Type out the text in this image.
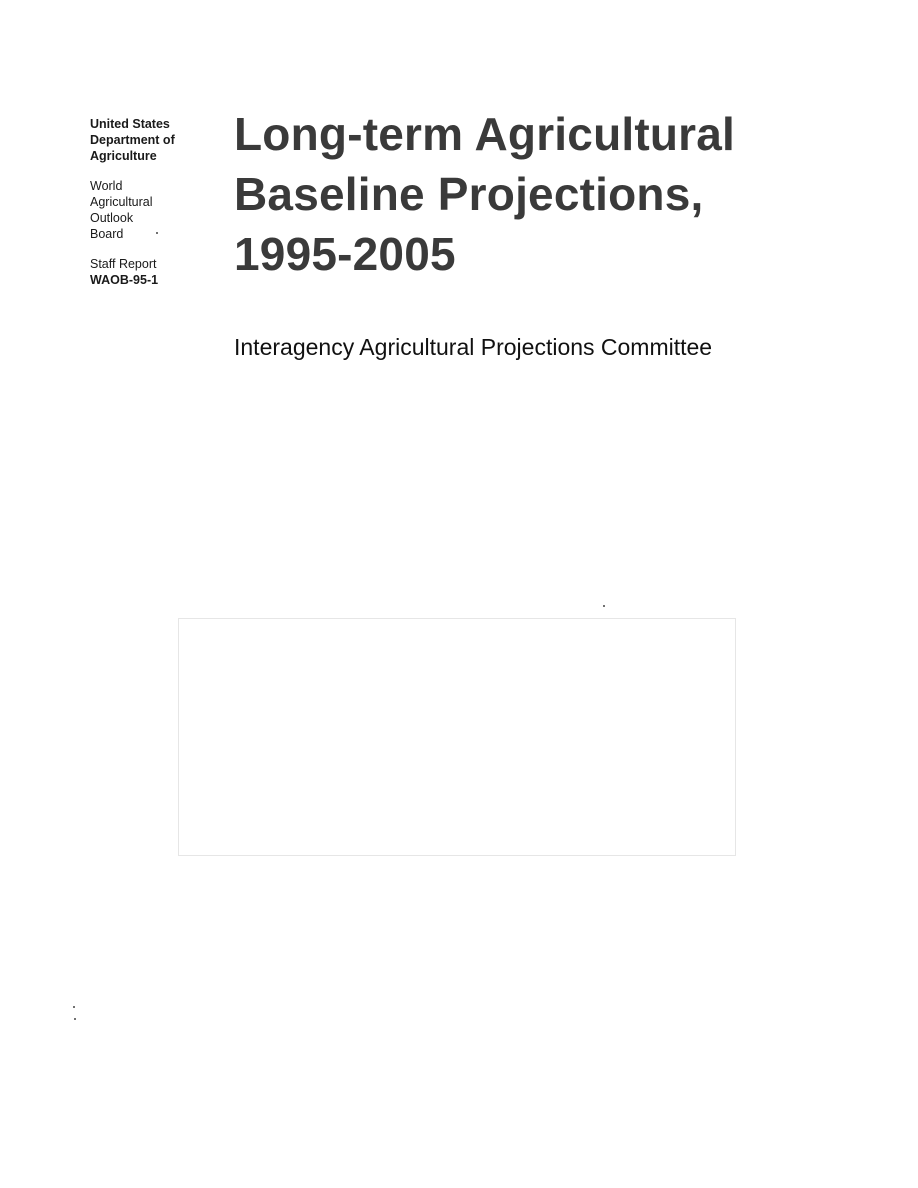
United States
Department of
Agriculture
World
Agricultural
Outlook
Board
Staff Report
WAOB-95-1
Long-term Agricultural
Baseline Projections,
1995-2005
Interagency Agricultural Projections Committee
